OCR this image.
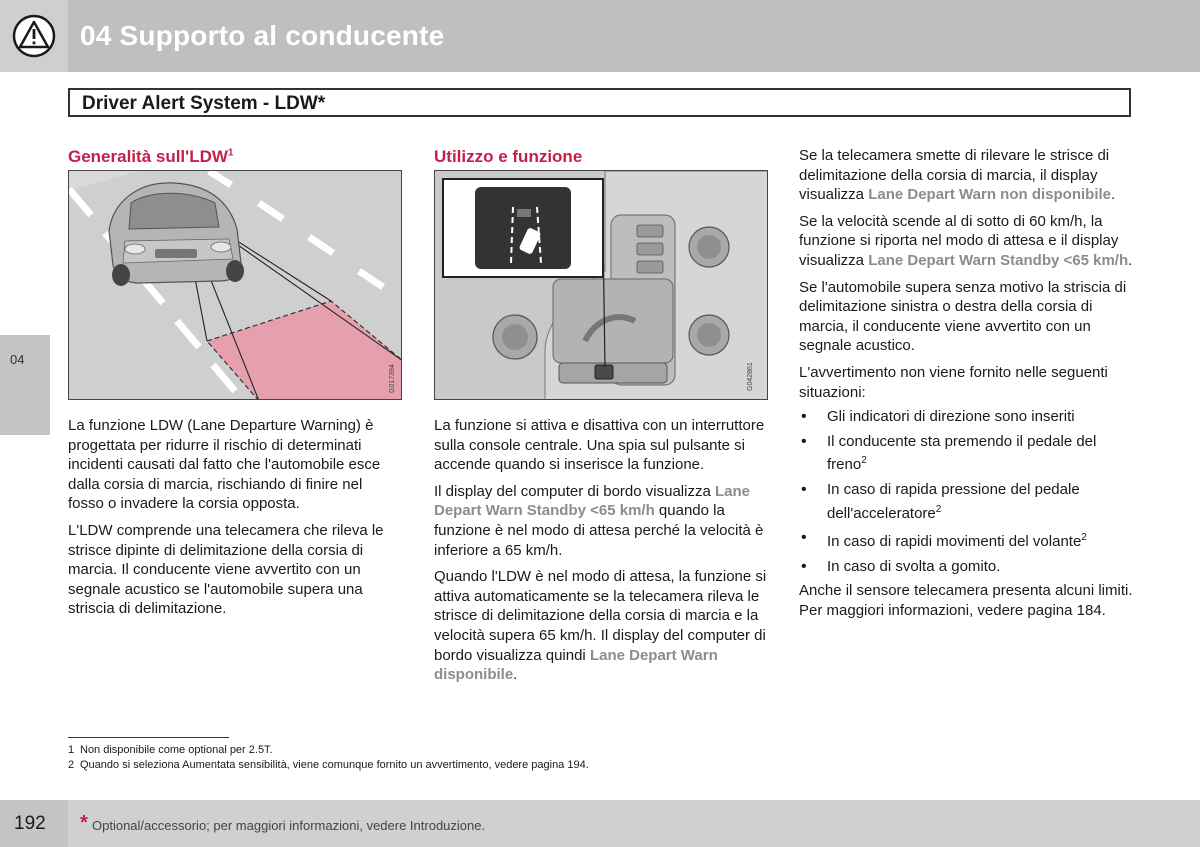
04 Supporto al conducente
04
Driver Alert System - LDW*
Generalità sull'LDW$^1$
G017394

La funzione LDW (Lane Departure Warning) è progettata per ridurre il rischio di determinati incidenti causati dal fatto che l'automobile esce dalla corsia di marcia, rischiando di finire nel fosso o invadere la corsia opposta.

L'LDW comprende una telecamera che rileva le strisce dipinte di delimitazione della corsia di marcia. Il conducente viene avvertito con un segnale acustico se l'automobile supera una striscia di delimitazione.

Utilizzo e funzione
G042861

La funzione si attiva e disattiva con un interruttore sulla console centrale. Una spia sul pulsante si accende quando si inserisce la funzione.

Il display del computer di bordo visualizza Lane Depart Warn Standby <65 km/h quando la funzione è nel modo di attesa perché la velocità è inferiore a 65 km/h.

Quando l'LDW è nel modo di attesa, la funzione si attiva automaticamente se la telecamera rileva le strisce di delimitazione della corsia di marcia e la velocità supera 65 km/h. Il display del computer di bordo visualizza quindi Lane Depart Warn disponibile.

Se la telecamera smette di rilevare le strisce di delimitazione della corsia di marcia, il display visualizza Lane Depart Warn non disponibile.

Se la velocità scende al di sotto di 60 km/h, la funzione si riporta nel modo di attesa e il display visualizza Lane Depart Warn Standby <65 km/h.

Se l'automobile supera senza motivo la striscia di delimitazione sinistra o destra della corsia di marcia, il conducente viene avvertito con un segnale acustico.

L'avvertimento non viene fornito nelle seguenti situazioni:

• Gli indicatori di direzione sono inseriti
• Il conducente sta premendo il pedale del freno$^2$
• In caso di rapida pressione del pedale dell'acceleratore$^2$
• In caso di rapidi movimenti del volante$^2$
• In caso di svolta a gomito.

Anche il sensore telecamera presenta alcuni limiti. Per maggiori informazioni, vedere pagina 184.

1 Non disponibile come optional per 2.5T.
2 Quando si seleziona Aumentata sensibilità, viene comunque fornito un avvertimento, vedere pagina 194.
192 * Optional/accessorio; per maggiori informazioni, vedere Introduzione.
